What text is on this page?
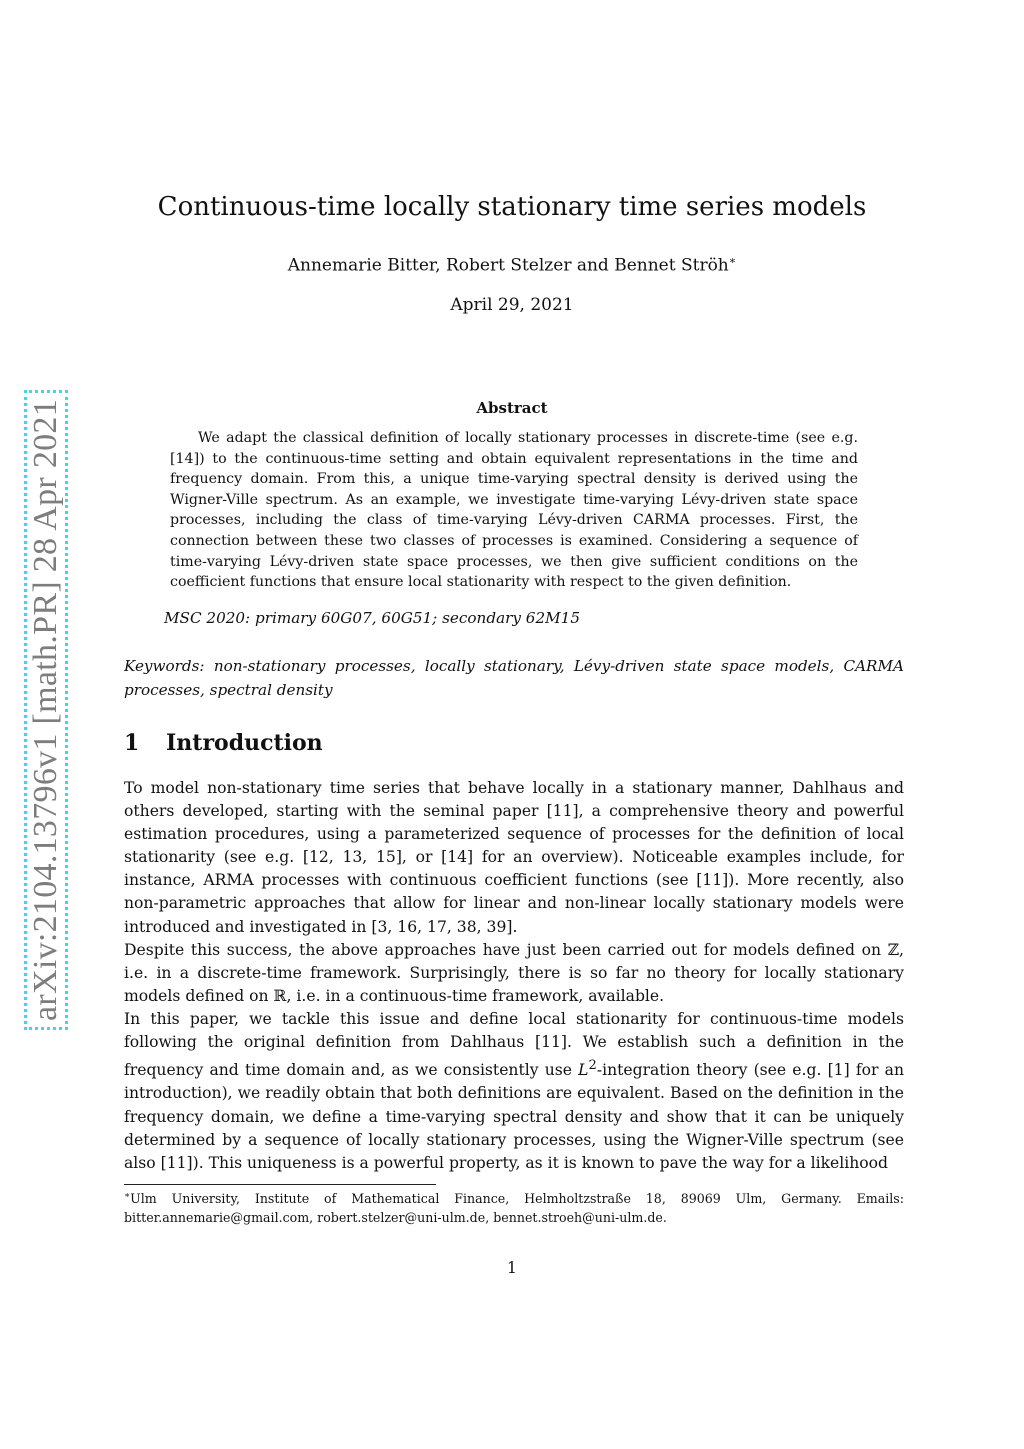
arXiv:2104.13796v1 [math.PR] 28 Apr 2021
Continuous-time locally stationary time series models
Annemarie Bitter, Robert Stelzer and Bennet Ströh∗
April 29, 2021
Abstract

We adapt the classical definition of locally stationary processes in discrete-time (see e.g. [14]) to the continuous-time setting and obtain equivalent representations in the time and frequency domain. From this, a unique time-varying spectral density is derived using the Wigner-Ville spectrum. As an example, we investigate time-varying Lévy-driven state space processes, including the class of time-varying Lévy-driven CARMA processes. First, the connection between these two classes of processes is examined. Considering a sequence of time-varying Lévy-driven state space processes, we then give sufficient conditions on the coefficient functions that ensure local stationarity with respect to the given definition.

MSC 2020: primary 60G07, 60G51; secondary 62M15

Keywords: non-stationary processes, locally stationary, Lévy-driven state space models, CARMA processes, spectral density

1 Introduction

To model non-stationary time series that behave locally in a stationary manner, Dahlhaus and others developed, starting with the seminal paper [11], a comprehensive theory and powerful estimation procedures, using a parameterized sequence of processes for the definition of local stationarity (see e.g. [12, 13, 15], or [14] for an overview). Noticeable examples include, for instance, ARMA processes with continuous coefficient functions (see [11]). More recently, also non-parametric approaches that allow for linear and non-linear locally stationary models were introduced and investigated in [3, 16, 17, 38, 39].

Despite this success, the above approaches have just been carried out for models defined on ℤ, i.e. in a discrete-time framework. Surprisingly, there is so far no theory for locally stationary models defined on ℝ, i.e. in a continuous-time framework, available.

In this paper, we tackle this issue and define local stationarity for continuous-time models following the original definition from Dahlhaus [11]. We establish such a definition in the frequency and time domain and, as we consistently use $L^2$-integration theory (see e.g. [1] for an introduction), we readily obtain that both definitions are equivalent. Based on the definition in the frequency domain, we define a time-varying spectral density and show that it can be uniquely determined by a sequence of locally stationary processes, using the Wigner-Ville spectrum (see also [11]). This uniqueness is a powerful property, as it is known to pave the way for a likelihood

∗Ulm University, Institute of Mathematical Finance, Helmholtzstraße 18, 89069 Ulm, Germany. Emails: bitter.annemarie@gmail.com, robert.stelzer@uni-ulm.de, bennet.stroeh@uni-ulm.de.

1
